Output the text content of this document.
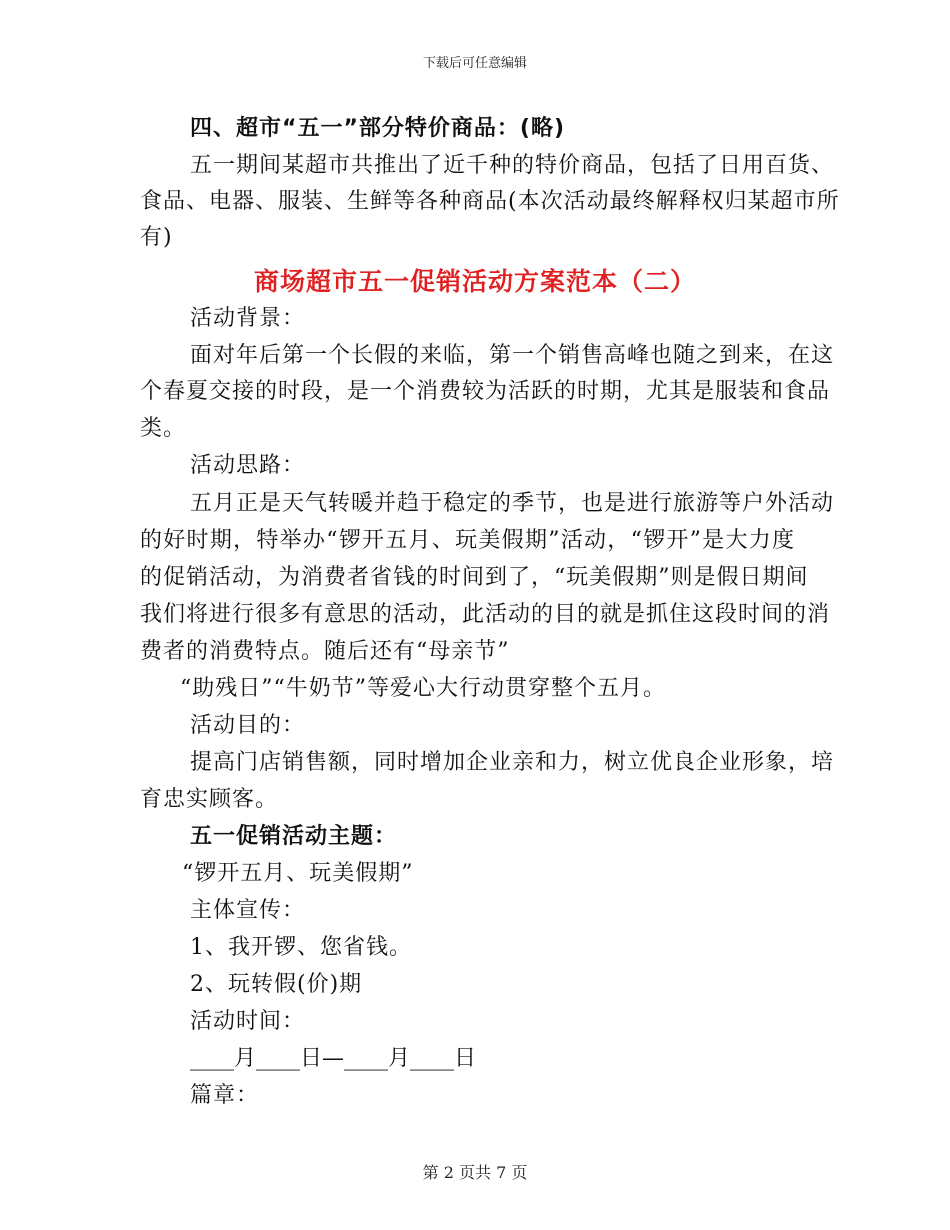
下载后可任意编辑
四、超市“五一”部分特价商品：(略)
五一期间某超市共推出了近千种的特价商品，包括了日用百货、
食品、电器、服装、生鲜等各种商品(本次活动最终解释权归某超市所
有)
商场超市五一促销活动方案范本（二）
活动背景：
面对年后第一个长假的来临，第一个销售高峰也随之到来，在这
个春夏交接的时段，是一个消费较为活跃的时期，尤其是服装和食品
类。
活动思路：
五月正是天气转暖并趋于稳定的季节，也是进行旅游等户外活动
的好时期，特举办“锣开五月、玩美假期”活动，“锣开”是大力度
的促销活动，为消费者省钱的时间到了，“玩美假期”则是假日期间
我们将进行很多有意思的活动，此活动的目的就是抓住这段时间的消
费者的消费特点。随后还有“母亲节”
“助残日”“牛奶节”等爱心大行动贯穿整个五月。
活动目的：
提高门店销售额，同时增加企业亲和力，树立优良企业形象，培
育忠实顾客。
五一促销活动主题：
“锣开五月、玩美假期”
主体宣传：
1、我开锣、您省钱。
2、玩转假(价)期
活动时间：
____月____日—____月____日
篇章：
第 2 页共 7 页
